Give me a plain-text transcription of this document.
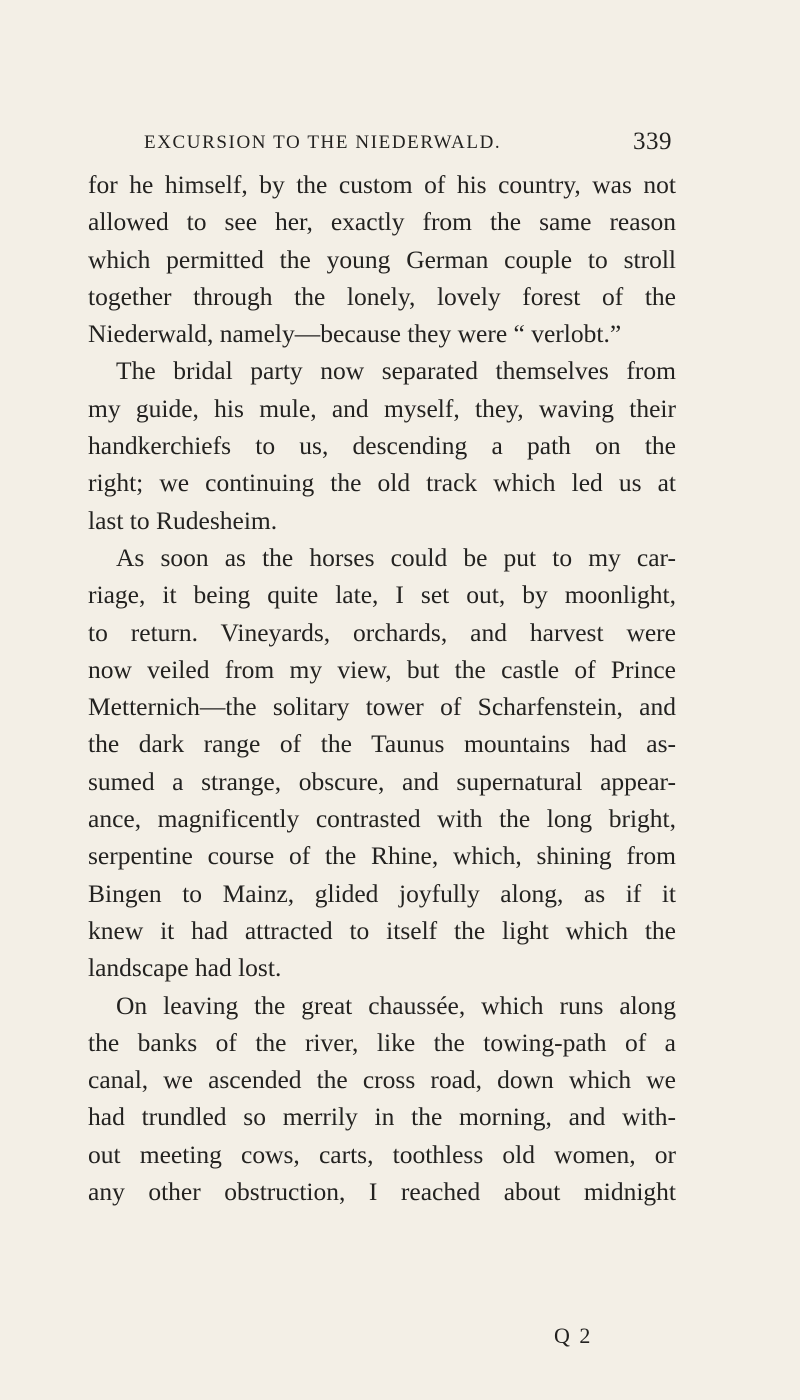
EXCURSION TO THE NIEDERWALD.	339
for he himself, by the custom of his country, was not
allowed to see her, exactly from the same reason
which permitted the young German couple to stroll
together through the lonely, lovely forest of the
Niederwald, namely—because they were “ verlobt.”
The bridal party now separated themselves from
my guide, his mule, and myself, they, waving their
handkerchiefs to us, descending a path on the
right; we continuing the old track which led us at
last to Rudesheim.
As soon as the horses could be put to my car-
riage, it being quite late, I set out, by moonlight,
to return. Vineyards, orchards, and harvest were
now veiled from my view, but the castle of Prince
Metternich—the solitary tower of Scharfenstein, and
the dark range of the Taunus mountains had as-
sumed a strange, obscure, and supernatural appear-
ance, magnificently contrasted with the long bright,
serpentine course of the Rhine, which, shining from
Bingen to Mainz, glided joyfully along, as if it
knew it had attracted to itself the light which the
landscape had lost.
On leaving the great chaussée, which runs along
the banks of the river, like the towing-path of a
canal, we ascended the cross road, down which we
had trundled so merrily in the morning, and with-
out meeting cows, carts, toothless old women, or
any other obstruction, I reached about midnight
Q 2
